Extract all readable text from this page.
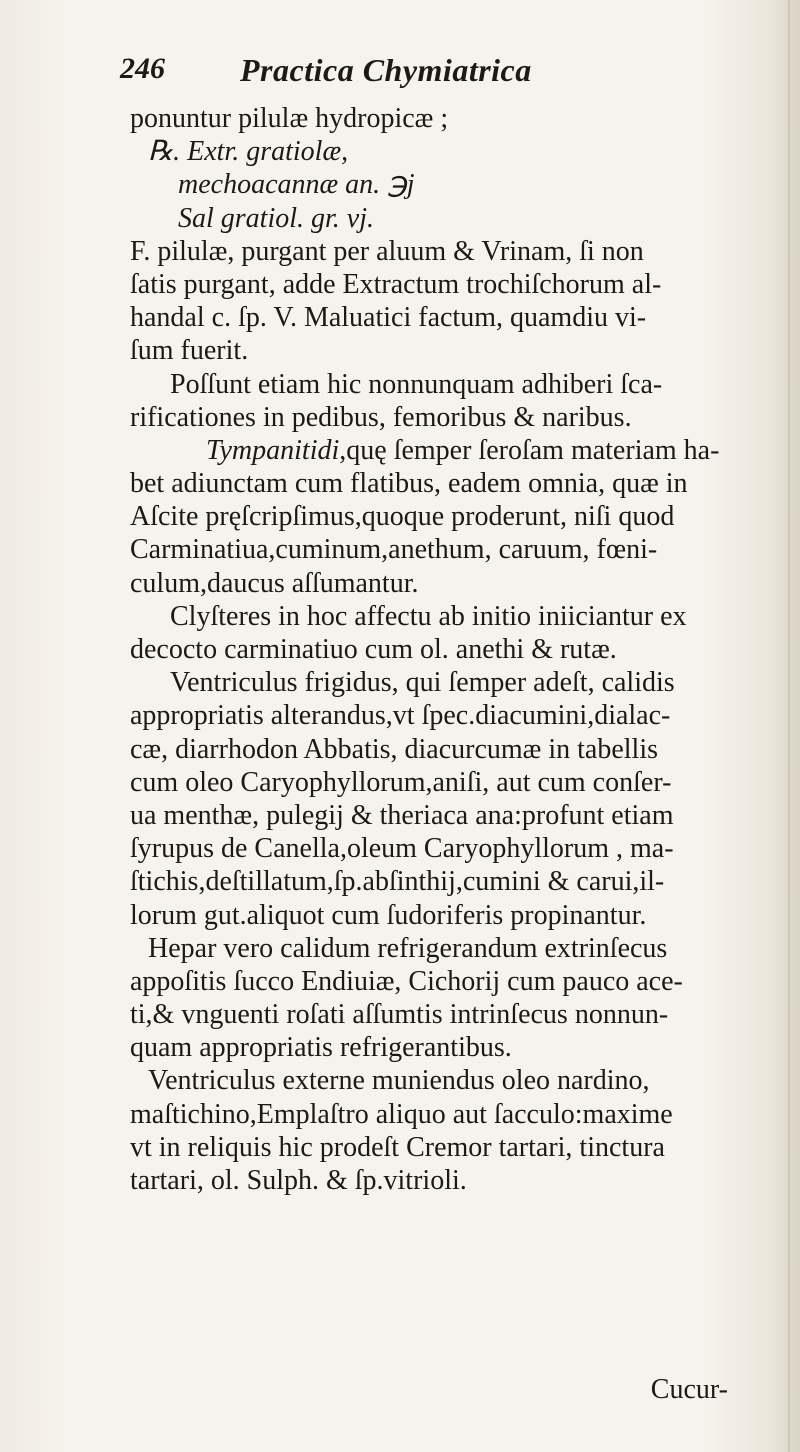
246 Practica Chymiatrica
ponuntur pilulæ hydropicæ ;
℞. Extr. gratiolæ,
mechoacannæ an. ℈j
Sal gratiol. gr. vj.
F. pilulæ, purgant per aluum & Vrinam, ſi non
ſatis purgant, adde Extractum trochiſchorum al-
handal c. ſp. V. Maluatici factum, quamdiu vi-
ſum fuerit.
Poſſunt etiam hic nonnunquam adhiberi ſca-
rificationes in pedibus, femoribus & naribus.
Tympanitidi,quę ſemper ſeroſam materiam ha-
bet adiunctam cum flatibus, eadem omnia, quæ in
Aſcite pręſcripſimus,quoque proderunt, niſi quod
Carminatiua,cuminum,anethum, caruum, fœni-
culum,daucus aſſumantur.
Clyſteres in hoc affectu ab initio iniiciantur ex
decocto carminatiuo cum ol. anethi & rutæ.
Ventriculus frigidus, qui ſemper adeſt, calidis
appropriatis alterandus,vt ſpec.diacumini,dialac-
cæ, diarrhodon Abbatis, diacurcumæ in tabellis
cum oleo Caryophyllorum,aniſi, aut cum conſer-
ua menthæ, pulegij & theriaca ana:profunt etiam
ſyrupus de Canella,oleum Caryophyllorum , ma-
ſtichis,deſtillatum,ſp.abſinthij,cumini & carui,il-
lorum gut.aliquot cum ſudoriferis propinantur.
Hepar vero calidum refrigerandum extrinſecus
appoſitis ſucco Endiuiæ, Cichorij cum pauco ace-
ti,& vnguenti roſati aſſumtis intrinſecus nonnun-
quam appropriatis refrigerantibus.
Ventriculus externe muniendus oleo nardino,
maſtichino,Emplaſtro aliquo aut ſacculo:maxime
vt in reliquis hic prodeſt Cremor tartari, tinctura
tartari, ol. Sulph. & ſp.vitrioli.
Cucur-
